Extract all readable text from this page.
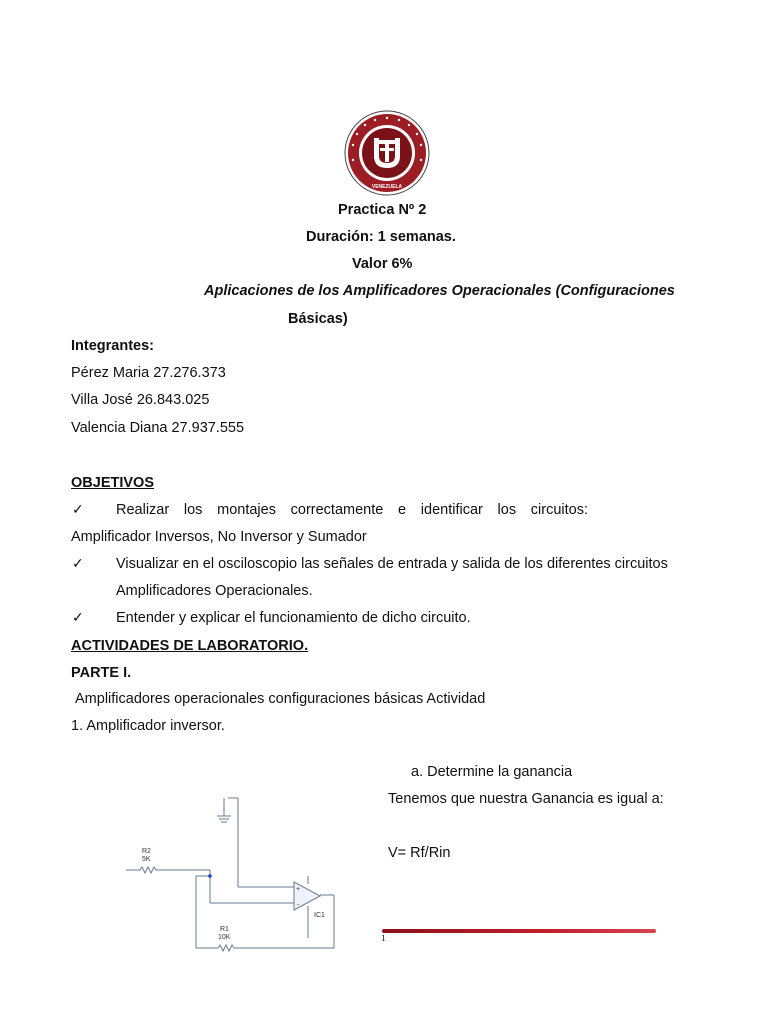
VENEZUELA
Practica Nº 2
Duración: 1 semanas.
Valor 6%
Aplicaciones de los Amplificadores Operacionales (Configuraciones
Básicas)
Integrantes:
Pérez Maria 27.276.373
Villa José 26.843.025
Valencia Diana 27.937.555
OBJETIVOS
✓ Realizar los montajes correctamente e identificar los circuitos:
Amplificador Inversos, No Inversor y Sumador
✓ Visualizar en el osciloscopio las señales de entrada y salida de los diferentes circuitos
Amplificadores Operacionales.
✓ Entender y explicar el funcionamiento de dicho circuito.
ACTIVIDADES DE LABORATORIO.
PARTE I.
Amplificadores operacionales configuraciones básicas Actividad
1. Amplificador inversor.
a. Determine la ganancia
Tenemos que nuestra Ganancia es igual a:
V= Rf/Rin
R2
5K
R1
10K
IC1
+
-
1
